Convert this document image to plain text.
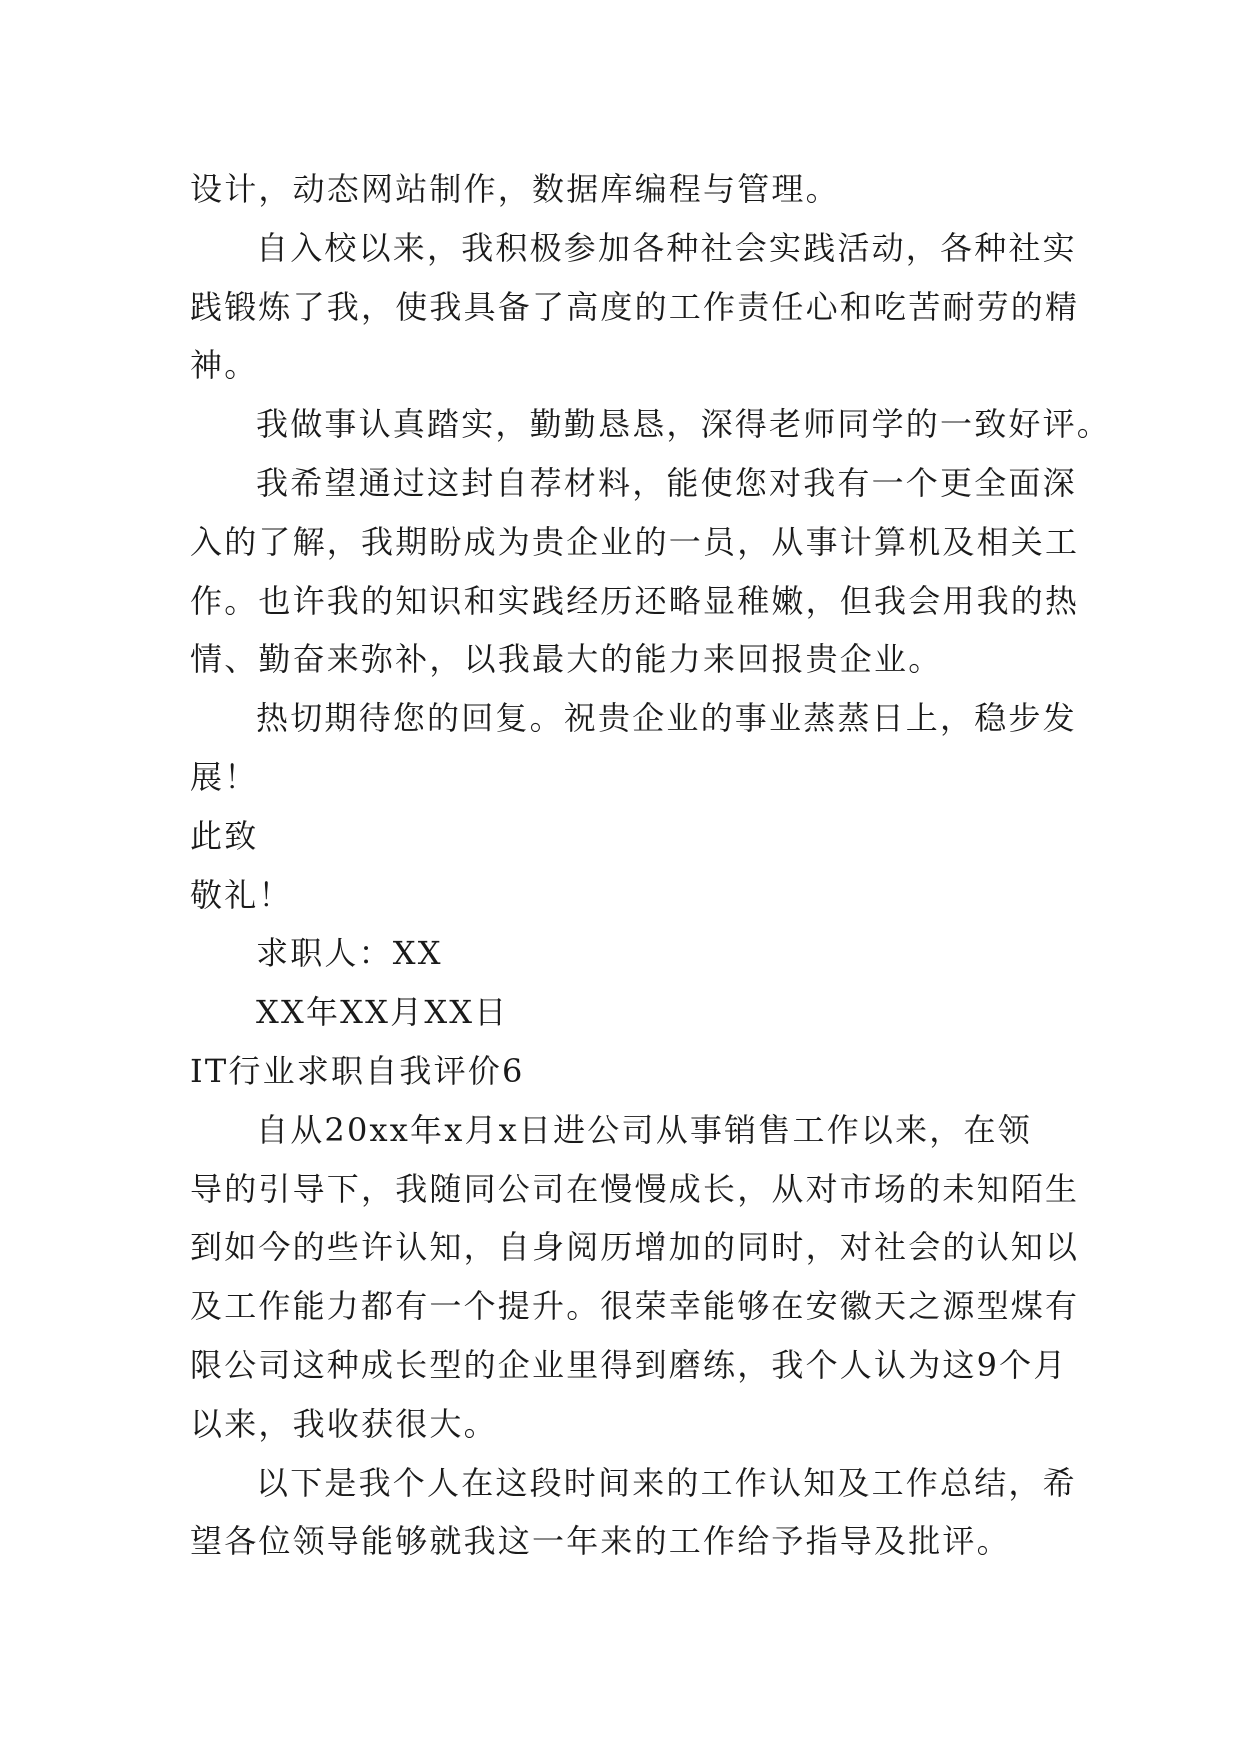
设计，动态网站制作，数据库编程与管理。
自入校以来，我积极参加各种社会实践活动，各种社实
践锻炼了我，使我具备了高度的工作责任心和吃苦耐劳的精
神。
我做事认真踏实，勤勤恳恳，深得老师同学的一致好评。
我希望通过这封自荐材料，能使您对我有一个更全面深
入的了解，我期盼成为贵企业的一员，从事计算机及相关工
作。也许我的知识和实践经历还略显稚嫩，但我会用我的热
情、勤奋来弥补，以我最大的能力来回报贵企业。
热切期待您的回复。祝贵企业的事业蒸蒸日上，稳步发
展！
此致
敬礼！
求职人：XX
XX年XX月XX日
IT行业求职自我评价6
自从20xx年x月x日进公司从事销售工作以来，在领
导的引导下，我随同公司在慢慢成长，从对市场的未知陌生
到如今的些许认知，自身阅历增加的同时，对社会的认知以
及工作能力都有一个提升。很荣幸能够在安徽天之源型煤有
限公司这种成长型的企业里得到磨练，我个人认为这9个月
以来，我收获很大。
以下是我个人在这段时间来的工作认知及工作总结，希
望各位领导能够就我这一年来的工作给予指导及批评。
